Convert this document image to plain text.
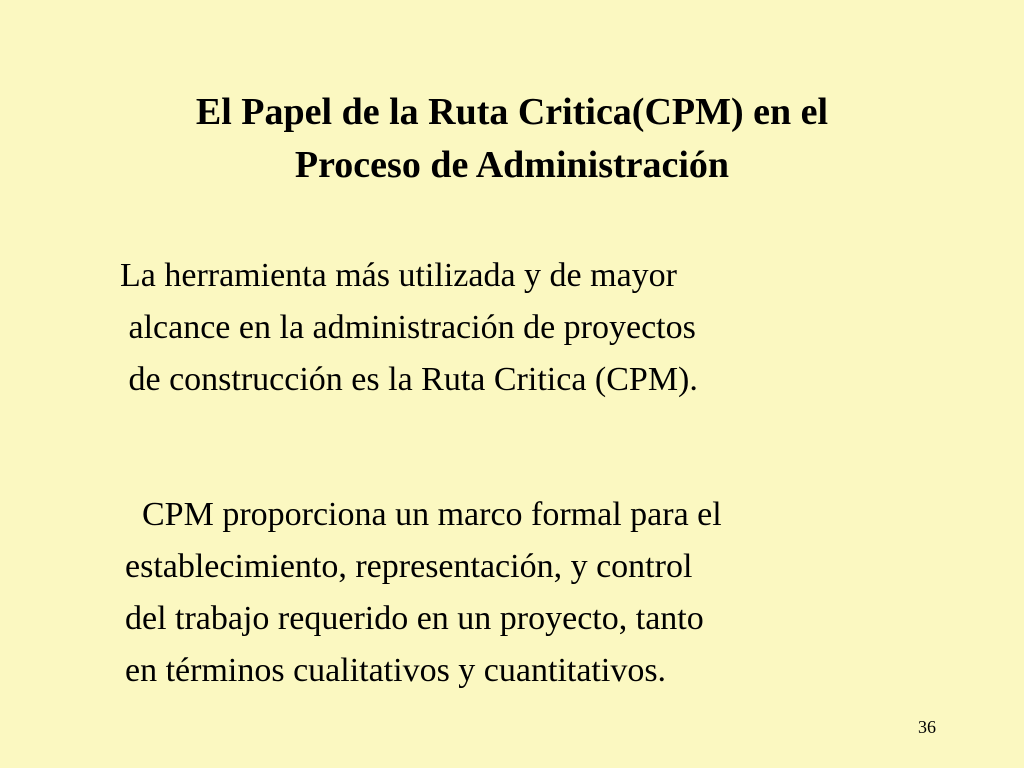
El Papel de la Ruta Critica(CPM) en el
Proceso de Administración

La herramienta más utilizada y de mayor
alcance en la administración de proyectos
de construcción es la Ruta Critica (CPM).

CPM proporciona un marco formal para el
establecimiento, representación, y control
del trabajo requerido en un proyecto, tanto
en términos cualitativos y cuantitativos.

36
